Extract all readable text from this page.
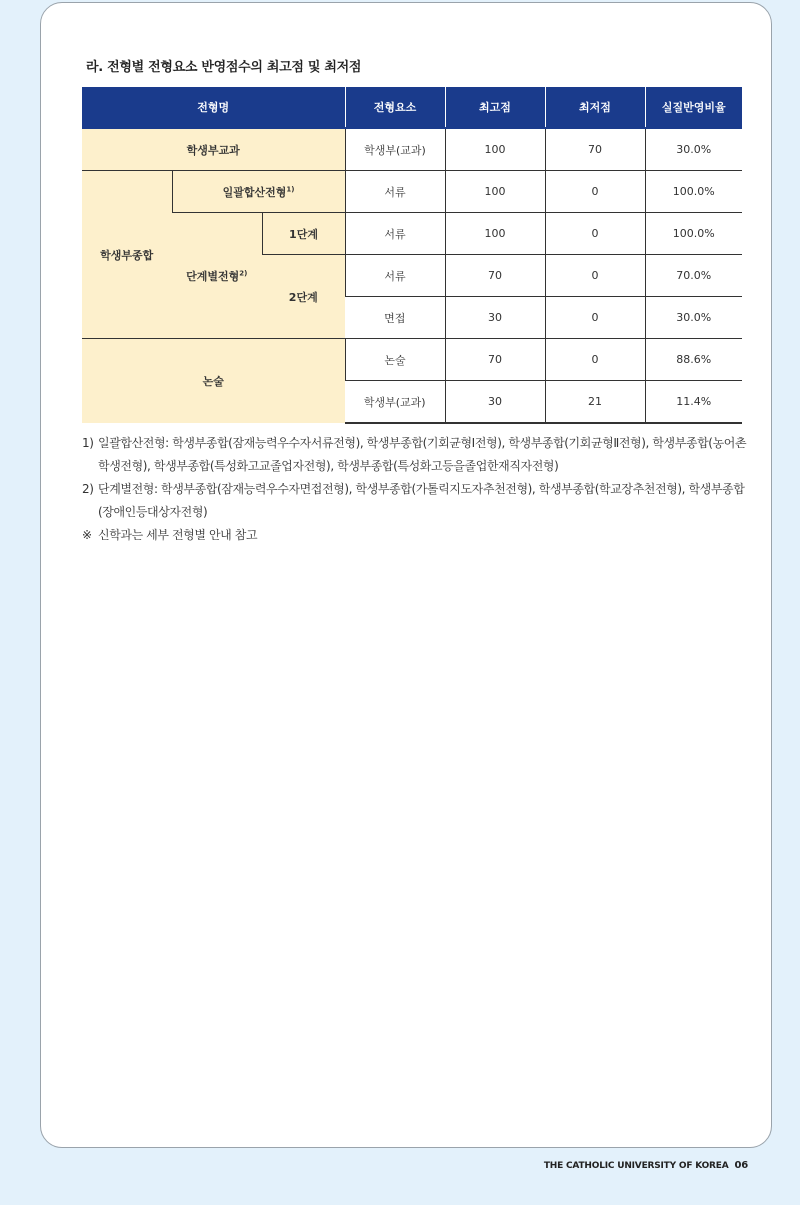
라. 전형별 전형요소 반영점수의 최고점 및 최저점
전형명			전형요소	최고점	최저점	실질반영비율
학생부교과			학생부(교과)	100	70	30.0%
학생부종합	일괄합산전형$^{1)}$		서류	100	0	100.0%
	단계별전형$^{2)}$	1단계	서류	100	0	100.0%
		2단계	서류	70	0	70.0%
			면접	30	0	30.0%
논술			논술	70	0	88.6%
			학생부(교과)	30	21	11.4%
1) 일괄합산전형: 학생부종합(잠재능력우수자서류전형), 학생부종합(기회균형Ⅰ전형), 학생부종합(기회균형Ⅱ전형), 학생부종합(농어촌학생전형), 학생부종합(특성화고교졸업자전형), 학생부종합(특성화고등을졸업한재직자전형)
2) 단계별전형: 학생부종합(잠재능력우수자면접전형), 학생부종합(가톨릭지도자추천전형), 학생부종합(학교장추천전형), 학생부종합(장애인등대상자전형)
※ 신학과는 세부 전형별 안내 참고
THE CATHOLIC UNIVERSITY OF KOREA 06
